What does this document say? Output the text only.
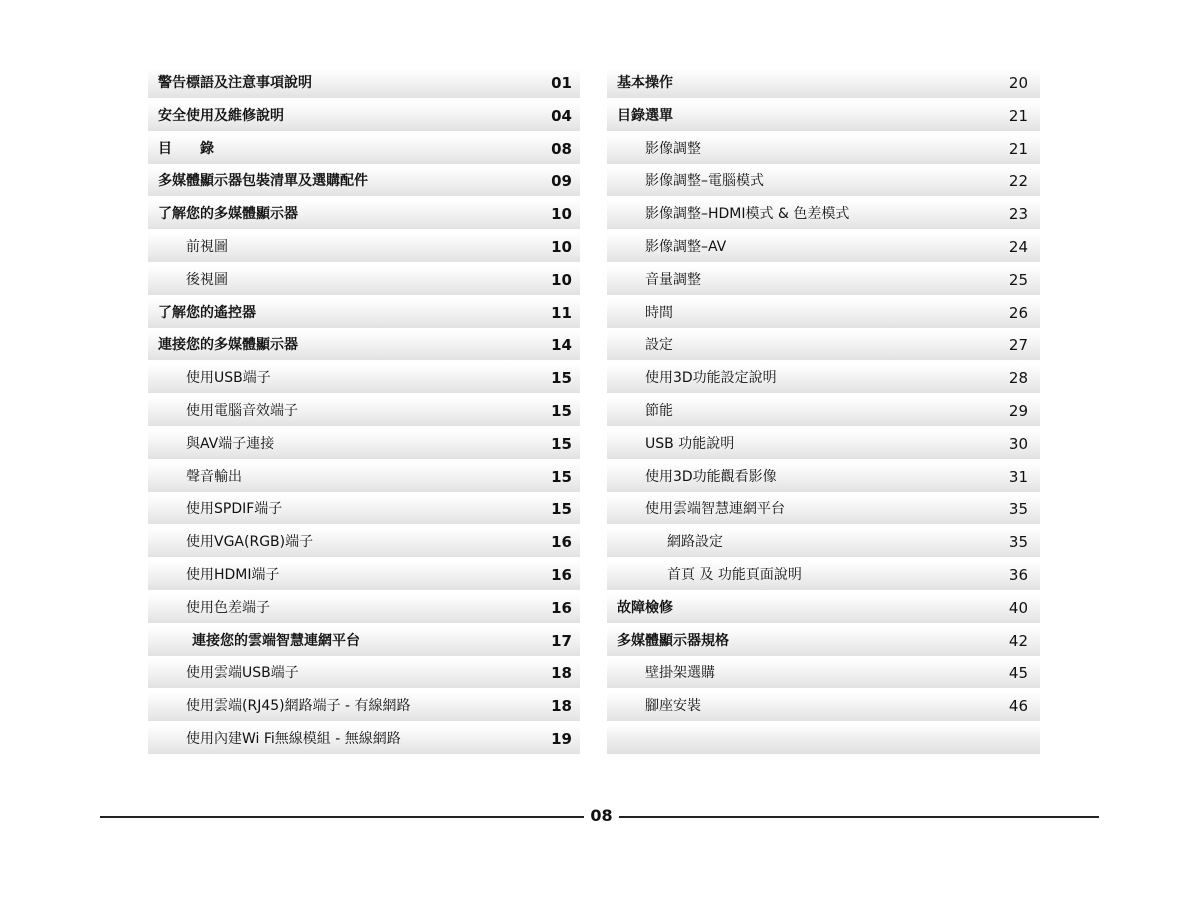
警告標語及注意事項說明	01
安全使用及維修說明	04
目　　錄	08
多媒體顯示器包裝清單及選購配件	09
了解您的多媒體顯示器	10
前視圖	10
後視圖	10
了解您的遙控器	11
連接您的多媒體顯示器	14
使用USB端子	15
使用電腦音效端子	15
與AV端子連接	15
聲音輸出	15
使用SPDIF端子	15
使用VGA(RGB)端子	16
使用HDMI端子	16
使用色差端子	16
連接您的雲端智慧連網平台	17
使用雲端USB端子	18
使用雲端(RJ45)網路端子 - 有線網路	18
使用內建Wi Fi無線模組 - 無線網路	19
基本操作	20
目錄選單	21
影像調整	21
影像調整–電腦模式	22
影像調整–HDMI模式 & 色差模式	23
影像調整–AV	24
音量調整	25
時間	26
設定	27
使用3D功能設定說明	28
節能	29
USB 功能說明	30
使用3D功能觀看影像	31
使用雲端智慧連網平台	35
網路設定	35
首頁 及 功能頁面說明	36
故障檢修	40
多媒體顯示器規格	42
壁掛架選購	45
腳座安裝	46
08
